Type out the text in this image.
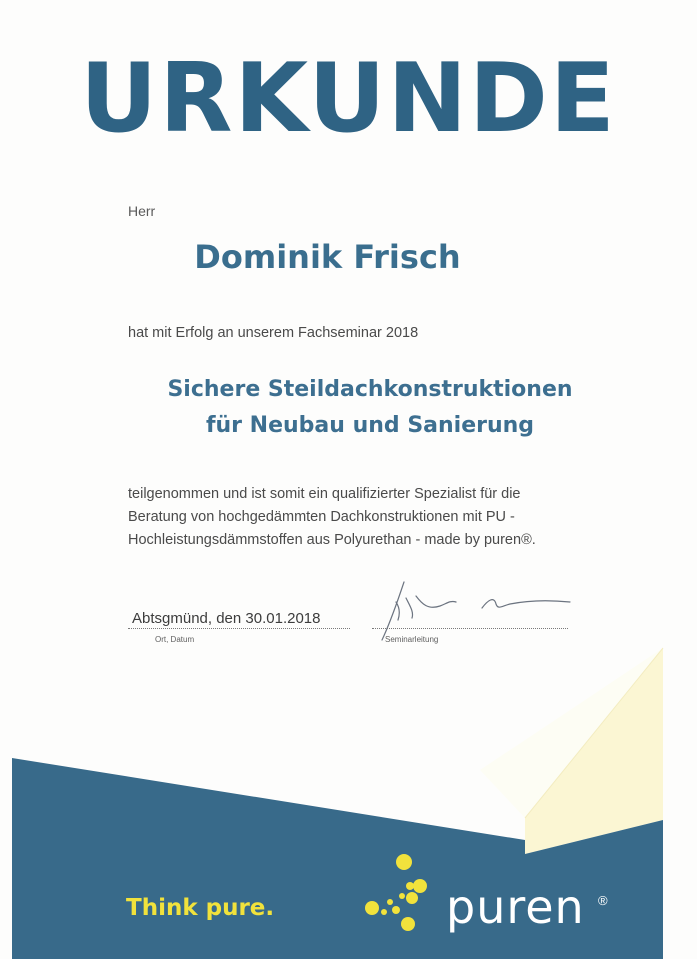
URKUNDE
Herr
Dominik Frisch
hat mit Erfolg an unserem Fachseminar 2018
Sichere Steildachkonstruktionen
für Neubau und Sanierung
teilgenommen und ist somit ein qualifizierter Spezialist für die
Beratung von hochgedämmten Dachkonstruktionen mit PU -
Hochleistungsdämmstoffen aus Polyurethan - made by puren®.
Abtsgmünd, den 30.01.2018
Ort, Datum	Seminarleitung
Think pure.	puren ®
